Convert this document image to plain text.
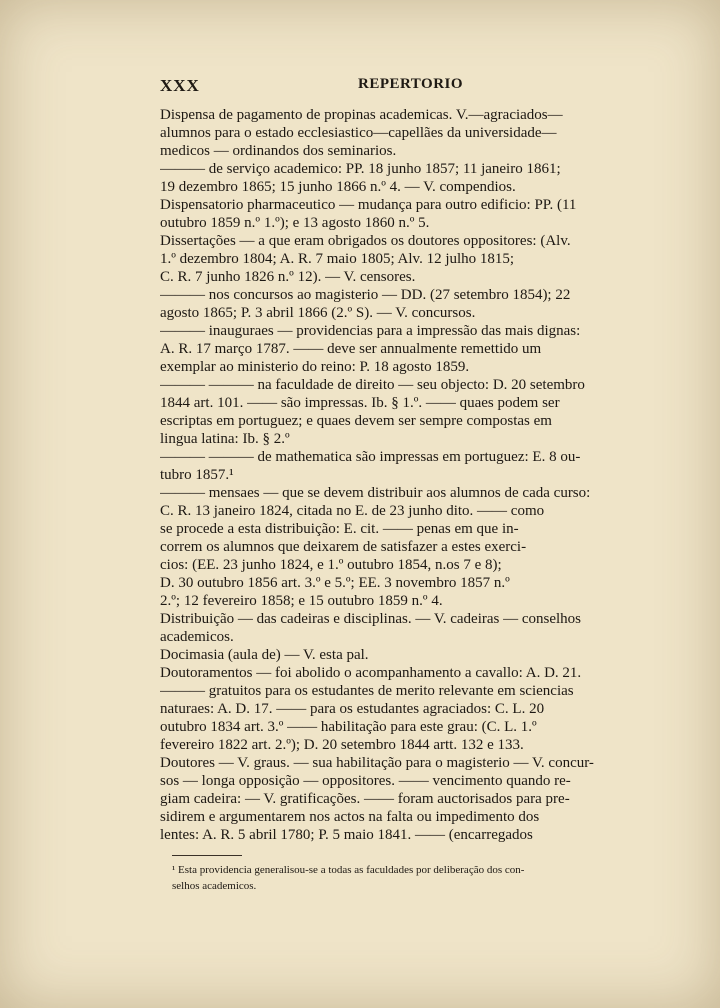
XXX	REPERTORIO
Dispensa de pagamento de propinas academicas. V.—agraciados—
alumnos para o estado ecclesiastico—capellães da universidade—
medicos — ordinandos dos seminarios.
——— de serviço academico: PP. 18 junho 1857; 11 janeiro 1861;
19 dezembro 1865; 15 junho 1866 n.º 4. — V. compendios.
Dispensatorio pharmaceutico — mudança para outro edificio: PP. (11
outubro 1859 n.º 1.º); e 13 agosto 1860 n.º 5.
Dissertações — a que eram obrigados os doutores oppositores: (Alv.
1.º dezembro 1804; A. R. 7 maio 1805; Alv. 12 julho 1815;
C. R. 7 junho 1826 n.º 12). — V. censores.
——— nos concursos ao magisterio — DD. (27 setembro 1854); 22
agosto 1865; P. 3 abril 1866 (2.º S). — V. concursos.
——— inauguraes — providencias para a impressão das mais dignas:
A. R. 17 março 1787. —— deve ser annualmente remettido um
exemplar ao ministerio do reino: P. 18 agosto 1859.
——— ——— na faculdade de direito — seu objecto: D. 20 setembro
1844 art. 101. —— são impressas. Ib. § 1.º. —— quaes podem ser
escriptas em portuguez; e quaes devem ser sempre compostas em
lingua latina: Ib. § 2.º
——— ——— de mathematica são impressas em portuguez: E. 8 ou-
tubro 1857.¹
——— mensaes — que se devem distribuir aos alumnos de cada curso:
C. R. 13 janeiro 1824, citada no E. de 23 junho dito. —— como
se procede a esta distribuição: E. cit. —— penas em que in-
correm os alumnos que deixarem de satisfazer a estes exerci-
cios: (EE. 23 junho 1824, e 1.º outubro 1854, n.os 7 e 8);
D. 30 outubro 1856 art. 3.º e 5.º; EE. 3 novembro 1857 n.º
2.º; 12 fevereiro 1858; e 15 outubro 1859 n.º 4.
Distribuição — das cadeiras e disciplinas. — V. cadeiras — conselhos
academicos.
Docimasia (aula de) — V. esta pal.
Doutoramentos — foi abolido o acompanhamento a cavallo: A. D. 21.
——— gratuitos para os estudantes de merito relevante em sciencias
naturaes: A. D. 17. —— para os estudantes agraciados: C. L. 20
outubro 1834 art. 3.º —— habilitação para este grau: (C. L. 1.º
fevereiro 1822 art. 2.º); D. 20 setembro 1844 artt. 132 e 133.
Doutores — V. graus. — sua habilitação para o magisterio — V. concur-
sos — longa opposição — oppositores. —— vencimento quando re-
giam cadeira: — V. gratificações. —— foram auctorisados para pre-
sidirem e argumentarem nos actos na falta ou impedimento dos
lentes: A. R. 5 abril 1780; P. 5 maio 1841. —— (encarregados
¹ Esta providencia generalisou-se a todas as faculdades por deliberação dos con-
selhos academicos.
